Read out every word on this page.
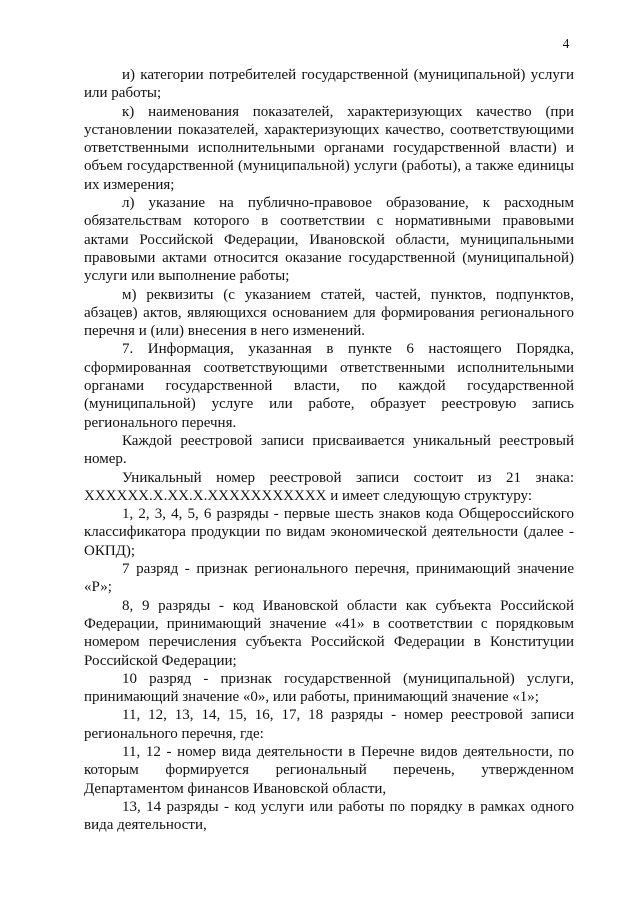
4

и) категории потребителей государственной (муниципальной) услуги или работы;

к) наименования показателей, характеризующих качество (при установлении показателей, характеризующих качество, соответствующими ответственными исполнительными органами государственной власти) и объем государственной (муниципальной) услуги (работы), а также единицы их измерения;

л) указание на публично-правовое образование, к расходным обязательствам которого в соответствии с нормативными правовыми актами Российской Федерации, Ивановской области, муниципальными правовыми актами относится оказание государственной (муниципальной) услуги или выполнение работы;

м) реквизиты (с указанием статей, частей, пунктов, подпунктов, абзацев) актов, являющихся основанием для формирования регионального перечня и (или) внесения в него изменений.

7. Информация, указанная в пункте 6 настоящего Порядка, сформированная соответствующими ответственными исполнительными органами государственной власти, по каждой государственной (муниципальной) услуге или работе, образует реестровую запись регионального перечня.

Каждой реестровой записи присваивается уникальный реестровый номер.

Уникальный номер реестровой записи состоит из 21 знака: ХХХХХХ.Х.ХХ.Х.ХХХХХХХХХХХ и имеет следующую структуру:

1, 2, 3, 4, 5, 6 разряды - первые шесть знаков кода Общероссийского классификатора продукции по видам экономической деятельности (далее - ОКПД);

7 разряд - признак регионального перечня, принимающий значение «Р»;

8, 9 разряды - код Ивановской области как субъекта Российской Федерации, принимающий значение «41» в соответствии с порядковым номером перечисления субъекта Российской Федерации в Конституции Российской Федерации;

10 разряд - признак государственной (муниципальной) услуги, принимающий значение «0», или работы, принимающий значение «1»;

11, 12, 13, 14, 15, 16, 17, 18 разряды - номер реестровой записи регионального перечня, где:

11, 12 - номер вида деятельности в Перечне видов деятельности, по которым формируется региональный перечень, утвержденном Департаментом финансов Ивановской области,

13, 14 разряды - код услуги или работы по порядку в рамках одного вида деятельности,
